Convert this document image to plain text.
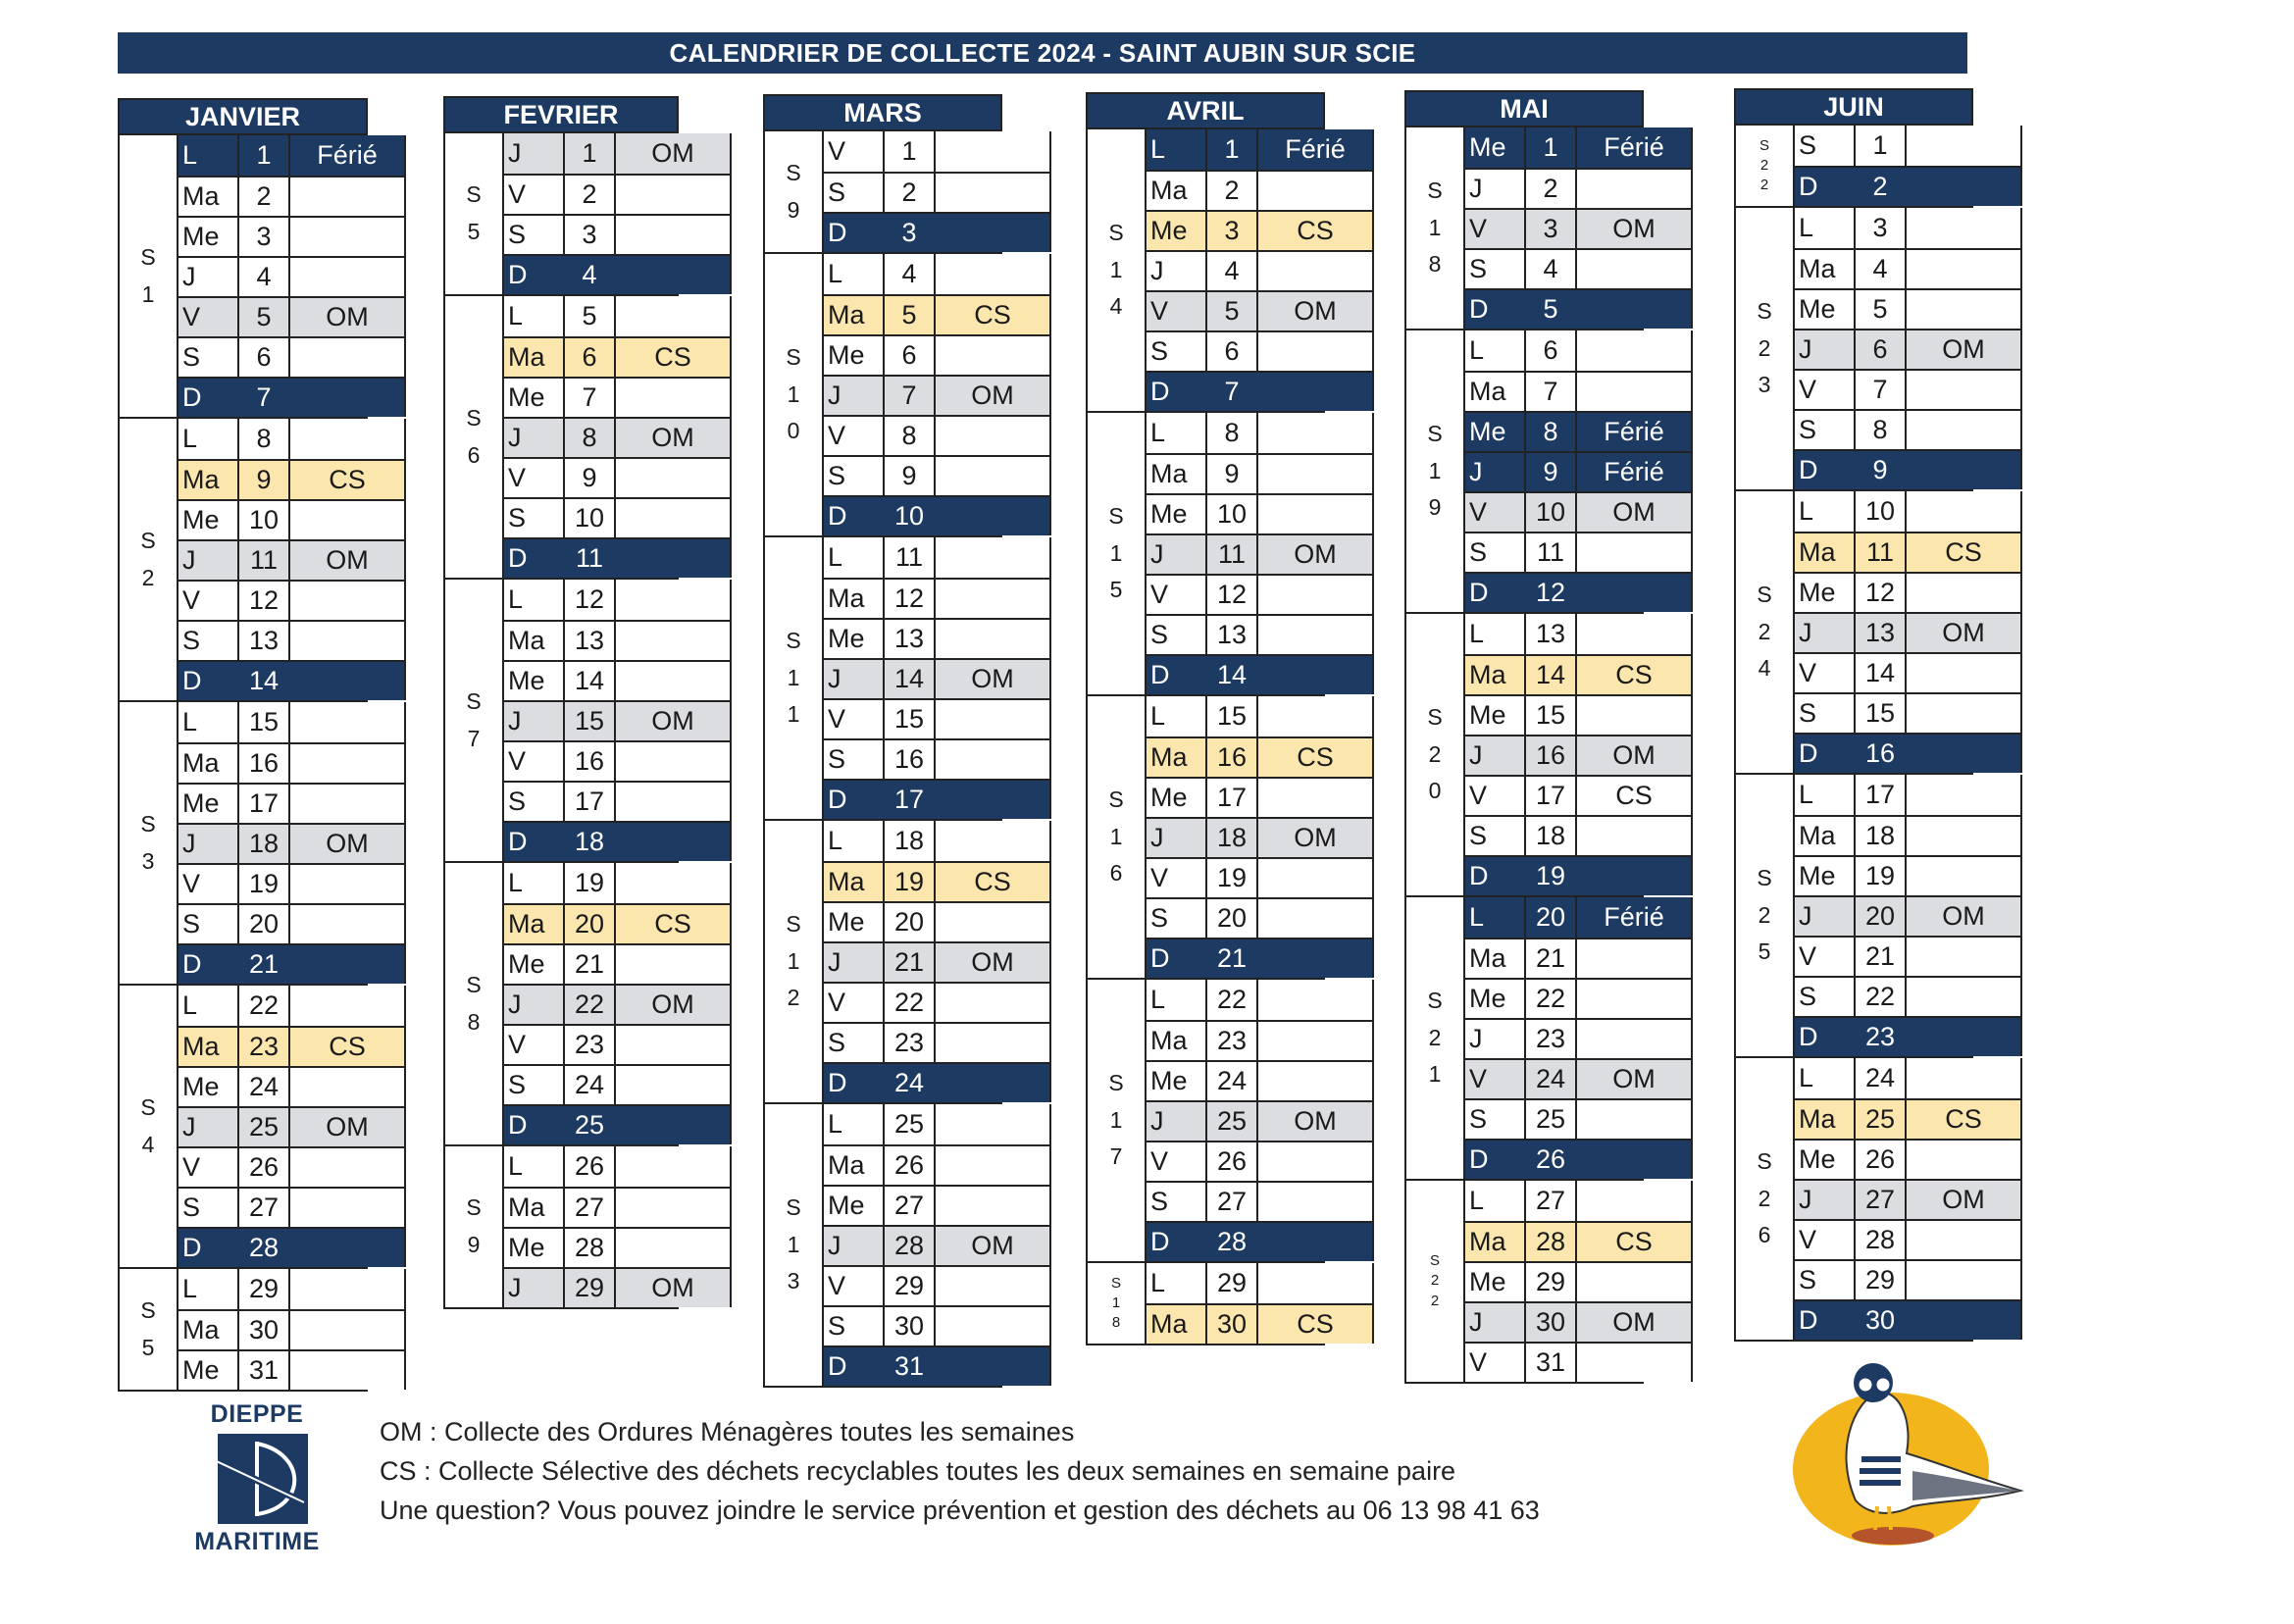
CALENDRIER DE COLLECTE 2024 - SAINT AUBIN SUR SCIE
JANVIER
S
1
L	1	Férié
Ma	2
Me	3
J	4
V	5	OM
S	6
D	7
S
2
L	8
Ma	9	CS
Me	10
J	11	OM
V	12
S	13
D	14
S
3
L	15
Ma	16
Me	17
J	18	OM
V	19
S	20
D	21
S
4
L	22
Ma	23	CS
Me	24
J	25	OM
V	26
S	27
D	28
S
5
L	29
Ma	30
Me	31
FEVRIER
S
5
J	1	OM
V	2
S	3
D	4
S
6
L	5
Ma	6	CS
Me	7
J	8	OM
V	9
S	10
D	11
S
7
L	12
Ma	13
Me	14
J	15	OM
V	16
S	17
D	18
S
8
L	19
Ma	20	CS
Me	21
J	22	OM
V	23
S	24
D	25
S
9
L	26
Ma	27
Me	28
J	29	OM
MARS
S
9
V	1
S	2
D	3
S
1
0
L	4
Ma	5	CS
Me	6
J	7	OM
V	8
S	9
D	10
S
1
1
L	11
Ma	12
Me	13
J	14	OM
V	15
S	16
D	17
S
1
2
L	18
Ma	19	CS
Me	20
J	21	OM
V	22
S	23
D	24
S
1
3
L	25
Ma	26
Me	27
J	28	OM
V	29
S	30
D	31
AVRIL
S
1
4
L	1	Férié
Ma	2
Me	3	CS
J	4
V	5	OM
S	6
D	7
S
1
5
L	8
Ma	9
Me	10
J	11	OM
V	12
S	13
D	14
S
1
6
L	15
Ma	16	CS
Me	17
J	18	OM
V	19
S	20
D	21
S
1
7
L	22
Ma	23
Me	24
J	25	OM
V	26
S	27
D	28
S
1
8
L	29
Ma	30	CS
MAI
S
1
8
Me	1	Férié
J	2
V	3	OM
S	4
D	5
S
1
9
L	6
Ma	7
Me	8	Férié
J	9	Férié
V	10	OM
S	11
D	12
S
2
0
L	13
Ma	14	CS
Me	15
J	16	OM
V	17	CS
S	18
D	19
S
2
1
L	20	Férié
Ma	21
Me	22
J	23
V	24	OM
S	25
D	26
S
2
2
L	27
Ma	28	CS
Me	29
J	30	OM
V	31
JUIN
S
2
2
S	1
D	2
S
2
3
L	3
Ma	4
Me	5
J	6	OM
V	7
S	8
D	9
S
2
4
L	10
Ma	11	CS
Me	12
J	13	OM
V	14
S	15
D	16
S
2
5
L	17
Ma	18
Me	19
J	20	OM
V	21
S	22
D	23
S
2
6
L	24
Ma	25	CS
Me	26
J	27	OM
V	28
S	29
D	30
DIEPPE
MARITIME
OM : Collecte des Ordures Ménagères toutes les semaines
CS : Collecte Sélective des déchets recyclables toutes les deux semaines en semaine paire
Une question? Vous pouvez joindre le service prévention et gestion des déchets au 06 13 98 41 63
